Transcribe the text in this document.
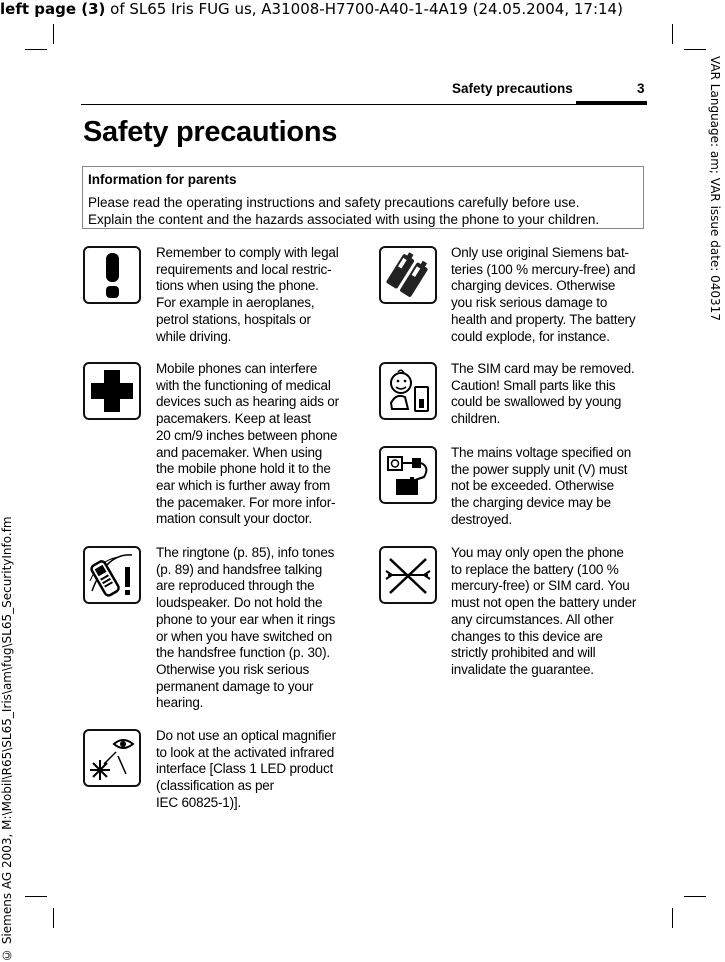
left page (3) of SL65 Iris FUG us, A31008-H7700-A40-1-4A19 (24.05.2004, 17:14)
VAR Language: am; VAR issue date: 040317
© Siemens AG 2003, M:\Mobil\R65\SL65_Iris\am\fug\SL65_SecurityInfo.fm
Safety precautions	3
Safety precautions
Information for parents
Please read the operating instructions and safety precautions carefully before use.
Explain the content and the hazards associated with using the phone to your children.
Remember to comply with legal
requirements and local restric-
tions when using the phone.
For example in aeroplanes,
petrol stations, hospitals or
while driving.
Only use original Siemens bat-
teries (100 % mercury-free) and
charging devices. Otherwise
you risk serious damage to
health and property. The battery
could explode, for instance.
Mobile phones can interfere
with the functioning of medical
devices such as hearing aids or
pacemakers. Keep at least
20 cm/9 inches between phone
and pacemaker. When using
the mobile phone hold it to the
ear which is further away from
the pacemaker. For more infor-
mation consult your doctor.
The SIM card may be removed.
Caution! Small parts like this
could be swallowed by young
children.
The mains voltage specified on
the power supply unit (V) must
not be exceeded. Otherwise
the charging device may be
destroyed.
The ringtone (p. 85), info tones
(p. 89) and handsfree talking
are reproduced through the
loudspeaker. Do not hold the
phone to your ear when it rings
or when you have switched on
the handsfree function (p. 30).
Otherwise you risk serious
permanent damage to your
hearing.
You may only open the phone
to replace the battery (100 %
mercury-free) or SIM card. You
must not open the battery under
any circumstances. All other
changes to this device are
strictly prohibited and will
invalidate the guarantee.
Do not use an optical magnifier
to look at the activated infrared
interface [Class 1 LED product
(classification as per
IEC 60825-1)].
